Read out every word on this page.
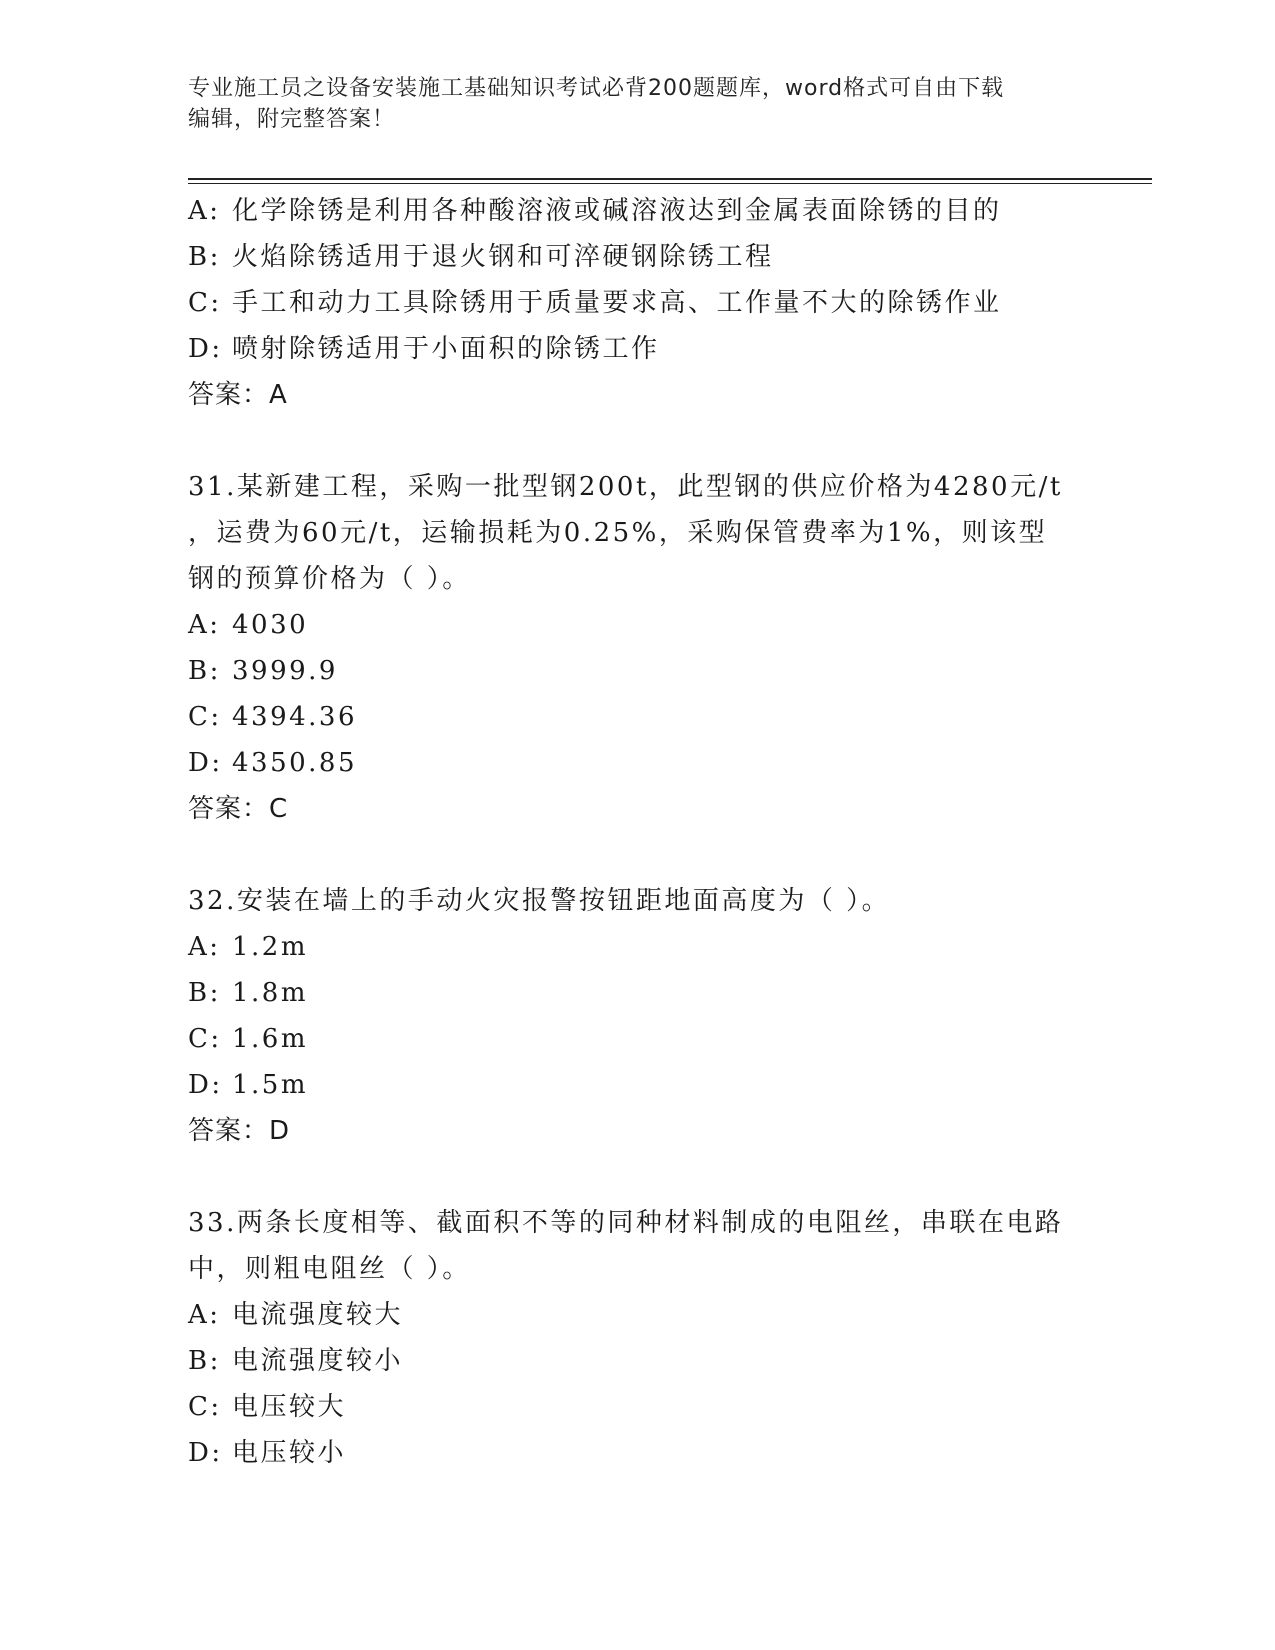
专业施工员之设备安装施工基础知识考试必背200题题库，word格式可自由下载
编辑，附完整答案！
A: 化学除锈是利用各种酸溶液或碱溶液达到金属表面除锈的目的
B: 火焰除锈适用于退火钢和可淬硬钢除锈工程
C: 手工和动力工具除锈用于质量要求高、工作量不大的除锈作业
D: 喷射除锈适用于小面积的除锈工作
答案：A
31.某新建工程，采购一批型钢200t，此型钢的供应价格为4280元/t
，运费为60元/t，运输损耗为0.25%，采购保管费率为1%，则该型
钢的预算价格为（ ）。
A: 4030
B: 3999.9
C: 4394.36
D: 4350.85
答案：C
32.安装在墙上的手动火灾报警按钮距地面高度为（ ）。
A: 1.2m
B: 1.8m
C: 1.6m
D: 1.5m
答案：D
33.两条长度相等、截面积不等的同种材料制成的电阻丝，串联在电路
中，则粗电阻丝（ ）。
A: 电流强度较大
B: 电流强度较小
C: 电压较大
D: 电压较小
